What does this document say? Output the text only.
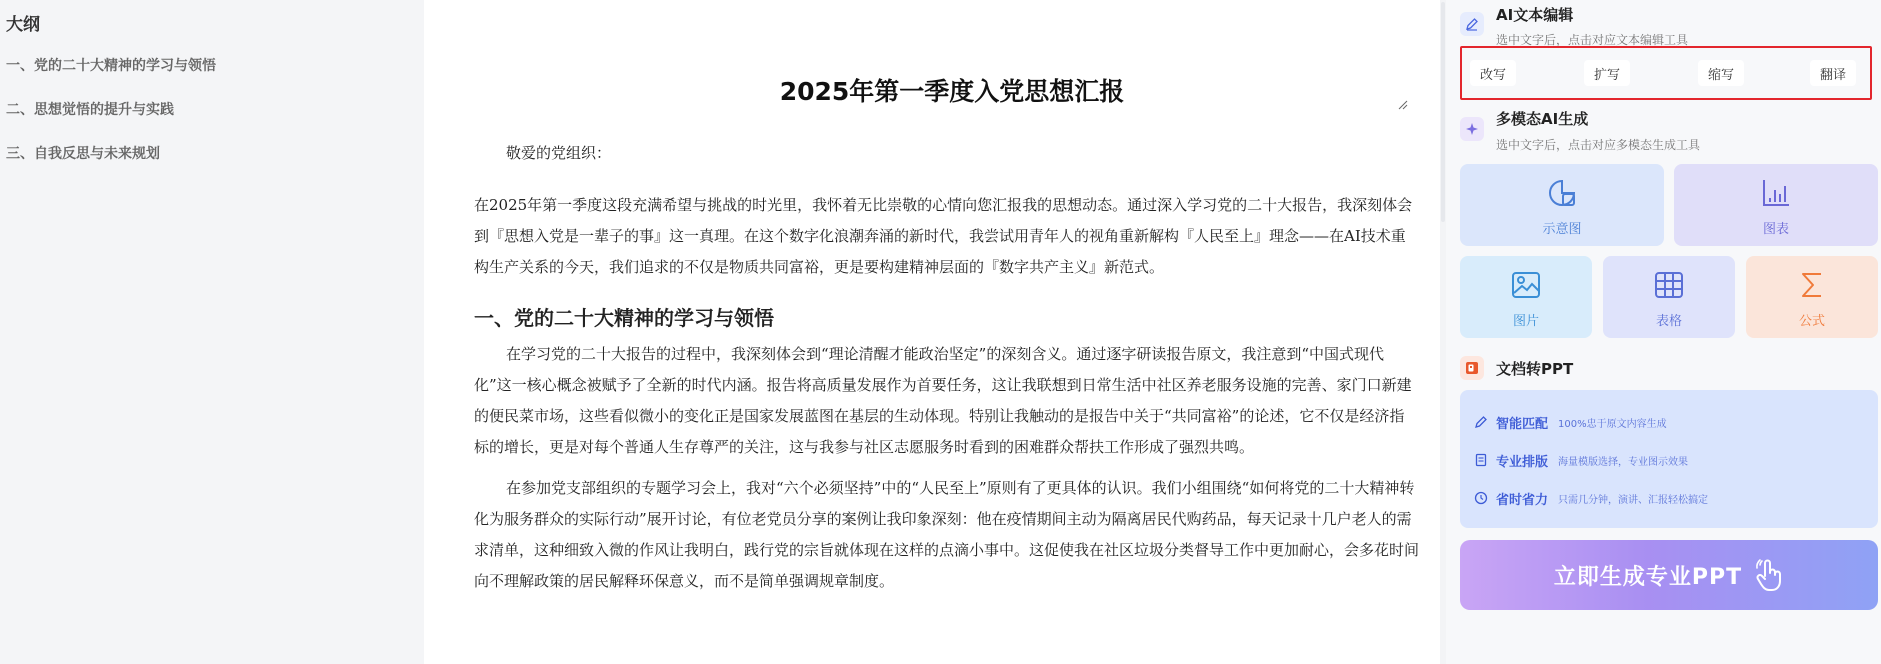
大纲
一、党的二十大精神的学习与领悟
二、思想觉悟的提升与实践
三、自我反思与未来规划
2025年第一季度入党思想汇报
敬爱的党组织：
在2025年第一季度这段充满希望与挑战的时光里，我怀着无比崇敬的心情向您汇报我的思想动态。通过深入学习党的二十大报告，我深刻体会到『思想入党是一辈子的事』这一真理。在这个数字化浪潮奔涌的新时代，我尝试用青年人的视角重新解构『人民至上』理念——在AI技术重构生产关系的今天，我们追求的不仅是物质共同富裕，更是要构建精神层面的『数字共产主义』新范式。
一、党的二十大精神的学习与领悟
在学习党的二十大报告的过程中，我深刻体会到“理论清醒才能政治坚定”的深刻含义。通过逐字研读报告原文，我注意到“中国式现代化”这一核心概念被赋予了全新的时代内涵。报告将高质量发展作为首要任务，这让我联想到日常生活中社区养老服务设施的完善、家门口新建的便民菜市场，这些看似微小的变化正是国家发展蓝图在基层的生动体现。特别让我触动的是报告中关于“共同富裕”的论述，它不仅是经济指标的增长，更是对每个普通人生存尊严的关注，这与我参与社区志愿服务时看到的困难群众帮扶工作形成了强烈共鸣。
在参加党支部组织的专题学习会上，我对“六个必须坚持”中的“人民至上”原则有了更具体的认识。我们小组围绕“如何将党的二十大精神转化为服务群众的实际行动”展开讨论，有位老党员分享的案例让我印象深刻：他在疫情期间主动为隔离居民代购药品，每天记录十几户老人的需求清单，这种细致入微的作风让我明白，践行党的宗旨就体现在这样的点滴小事中。这促使我在社区垃圾分类督导工作中更加耐心，会多花时间向不理解政策的居民解释环保意义，而不是简单强调规章制度。
AI文本编辑
选中文字后，点击对应文本编辑工具
改写	扩写	缩写	翻译
多模态AI生成
选中文字后，点击对应多模态生成工具
示意图	图表
图片	表格	公式
文档转PPT
智能匹配 100%忠于原文内容生成
专业排版 海量模版选择，专业图示效果
省时省力 只需几分钟，演讲、汇报轻松搞定
立即生成专业PPT
